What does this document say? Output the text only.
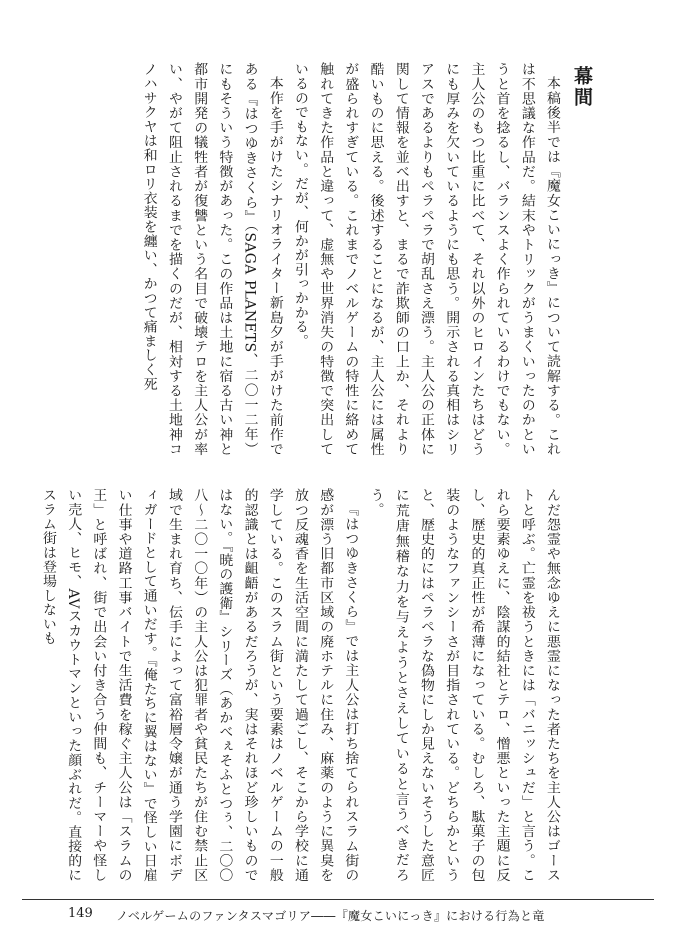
幕間

本稿後半では『魔女こいにっき』について読解する。これは不思議な作品だ。結末やトリックがうまくいったのかというと首を捻るし、バランスよく作られているわけでもない。主人公のもつ比重に比べて、それ以外のヒロインたちはどうにも厚みを欠いているようにも思う。開示される真相はシリアスであるよりもペラペラで胡乱さえ漂う。主人公の正体に関して情報を並べ出すと、まるで詐欺師の口上か、それより酷いものに思える。後述することになるが、主人公には属性が盛られすぎている。これまでノベルゲームの特性に絡めて触れてきた作品と違って、虚無や世界消失の特徴で突出しているのでもない。だが、何かが引っかかる。

本作を手がけたシナリオライター新島夕が手がけた前作である『はつゆきさくら』（SAGA PLANETS、二〇一二年）にもそういう特徴があった。この作品は土地に宿る古い神と都市開発の犠牲者が復讐という名目で破壊テロを主人公が率い、やがて阻止されるまでを描くのだが、相対する土地神コノハサクヤは和ロリ衣装を纏い、かつて痛ましく死

んだ怨霊や無念ゆえに悪霊になった者たちを主人公はゴーストと呼ぶ。亡霊を祓うときには「バニッシュだ」と言う。これら要素ゆえに、陰謀的結社とテロ、憎悪といった主題に反し、歴史的真正性が希薄になっている。むしろ、駄菓子の包装のようなファンシーさが目指されている。どちらかというと、歴史的にはペラペラな偽物にしか見えないそうした意匠に荒唐無稽な力を与えようとさえしていると言うべきだろう。

『はつゆきさくら』では主人公は打ち捨てられスラム街の感が漂う旧都市区域の廃ホテルに住み、麻薬のように異臭を放つ反魂香を生活空間に満たして過ごし、そこから学校に通学している。このスラム街という要素はノベルゲームの一般的認識とは齟齬があるだろうが、実はそれほど珍しいものではない。『暁の護衛』シリーズ（あかべぇそふとつぅ、二〇〇八〜二〇一〇年）の主人公は犯罪者や貧民たちが住む禁止区域で生まれ育ち、伝手によって富裕層令嬢が通う学園にボディガードとして通いだす。『俺たちに翼はない』で怪しい日雇い仕事や道路工事バイトで生活費を稼ぐ主人公は「スラムの王」と呼ばれ、街で出会い付き合う仲間も、チーマーや怪しい売人、ヒモ、AVスカウトマンといった顔ぶれだ。直接的にスラム街は登場しないも

149 ノベルゲームのファンタスマゴリア――『魔女こいにっき』における行為と竜
